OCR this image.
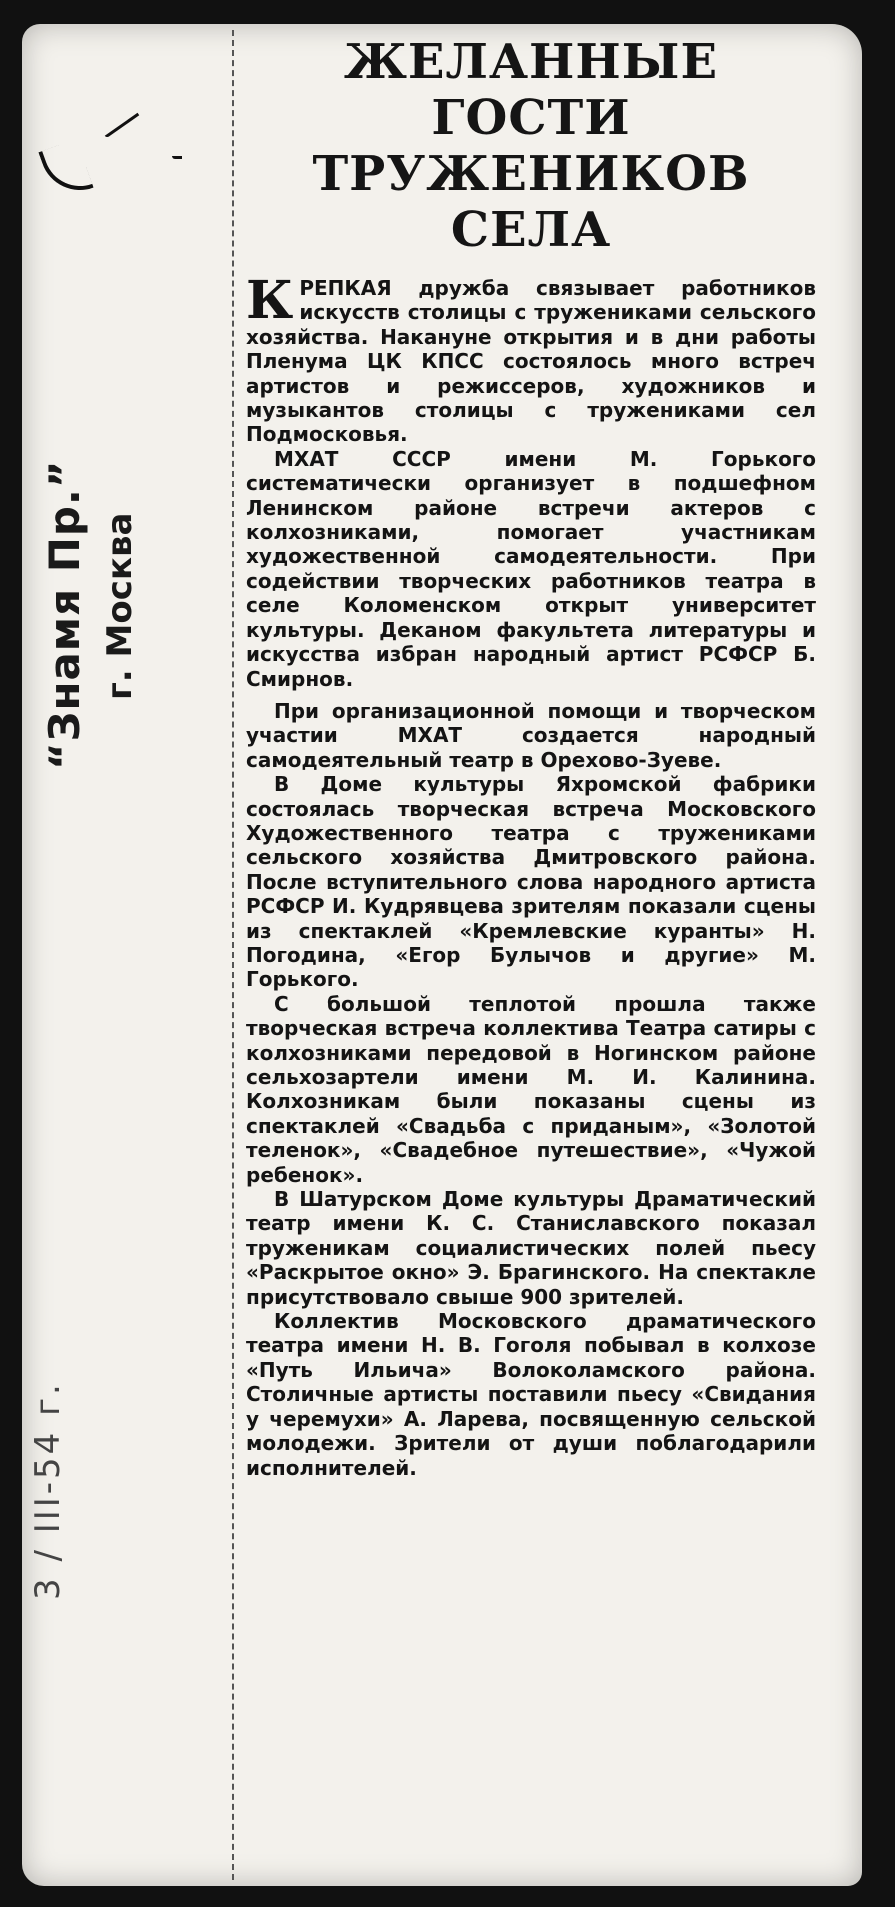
“Знамя Пр.” г. Москва
3 / III-54 г.
ЖЕЛАННЫЕ ГОСТИ
ТРУЖЕНИКОВ СЕЛА

КРЕПКАЯ дружба связывает работников искусств столицы с тружениками сельского хозяйства. Накануне открытия и в дни работы Пленума ЦК КПСС состоялось много встреч артистов и режиссеров, художников и музыкантов столицы с тружениками сел Подмосковья.

МХАТ СССР имени М. Горького систематически организует в подшефном Ленинском районе встречи актеров с колхозниками, помогает участникам художественной самодеятельности. При содействии творческих работников театра в селе Коломенском открыт университет культуры. Деканом факультета литературы и искусства избран народный артист РСФСР Б. Смирнов.

При организационной помощи и творческом участии МХАТ создается народный самодеятельный театр в Орехово-Зуеве.

В Доме культуры Яхромской фабрики состоялась творческая встреча Московского Художественного театра с тружениками сельского хозяйства Дмитровского района. После вступительного слова народного артиста РСФСР И. Кудрявцева зрителям показали сцены из спектаклей «Кремлевские куранты» Н. Погодина, «Егор Булычов и другие» М. Горького.

С большой теплотой прошла также творческая встреча коллектива Театра сатиры с колхозниками передовой в Ногинском районе сельхозартели имени М. И. Калинина. Колхозникам были показаны сцены из спектаклей «Свадьба с приданым», «Золотой теленок», «Свадебное путешествие», «Чужой ребенок».

В Шатурском Доме культуры Драматический театр имени К. С. Станиславского показал труженикам социалистических полей пьесу «Раскрытое окно» Э. Брагинского. На спектакле присутствовало свыше 900 зрителей.

Коллектив Московского драматического театра имени Н. В. Гоголя побывал в колхозе «Путь Ильича» Волоколамского района. Столичные артисты поставили пьесу «Свидания у черемухи» А. Ларева, посвященную сельской молодежи. Зрители от души поблагодарили исполнителей.
